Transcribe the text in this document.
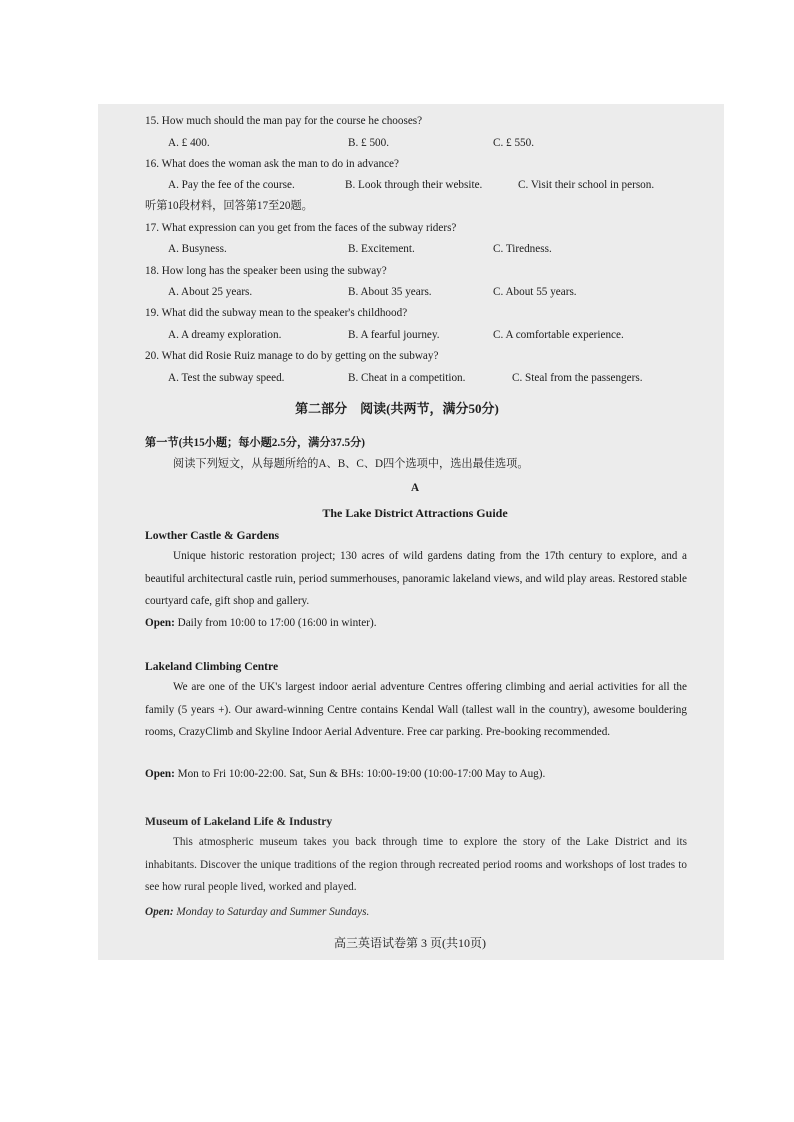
15. How much should the man pay for the course he chooses?
A. £ 400.	B. £ 500.	C. £ 550.
16. What does the woman ask the man to do in advance?
A. Pay the fee of the course.	B. Look through their website.	C. Visit their school in person.
听第10段材料，回答第17至20题。
17. What expression can you get from the faces of the subway riders?
A. Busyness.	B. Excitement.	C. Tiredness.
18. How long has the speaker been using the subway?
A. About 25 years.	B. About 35 years.	C. About 55 years.
19. What did the subway mean to the speaker's childhood?
A. A dreamy exploration.	B. A fearful journey.	C. A comfortable experience.
20. What did Rosie Ruiz manage to do by getting on the subway?
A. Test the subway speed.	B. Cheat in a competition.	C. Steal from the passengers.
第二部分　阅读(共两节，满分50分)
第一节(共15小题；每小题2.5分，满分37.5分)
阅读下列短文，从每题所给的A、B、C、D四个选项中，选出最佳选项。
A
The Lake District Attractions Guide
Lowther Castle & Gardens
Unique historic restoration project; 130 acres of wild gardens dating from the 17th century to explore, and a beautiful architectural castle ruin, period summerhouses, panoramic lakeland views, and wild play areas. Restored stable courtyard cafe, gift shop and gallery.
Open: Daily from 10:00 to 17:00 (16:00 in winter).
Lakeland Climbing Centre
We are one of the UK's largest indoor aerial adventure Centres offering climbing and aerial activities for all the family (5 years +). Our award-winning Centre contains Kendal Wall (tallest wall in the country), awesome bouldering rooms, CrazyClimb and Skyline Indoor Aerial Adventure. Free car parking. Pre-booking recommended.
Open: Mon to Fri 10:00-22:00. Sat, Sun & BHs: 10:00-19:00 (10:00-17:00 May to Aug).
Museum of Lakeland Life & Industry
This atmospheric museum takes you back through time to explore the story of the Lake District and its inhabitants. Discover the unique traditions of the region through recreated period rooms and workshops of lost trades to see how rural people lived, worked and played.
Open: Monday to Saturday and Summer Sundays.
高三英语试卷第 3 页(共10页)
